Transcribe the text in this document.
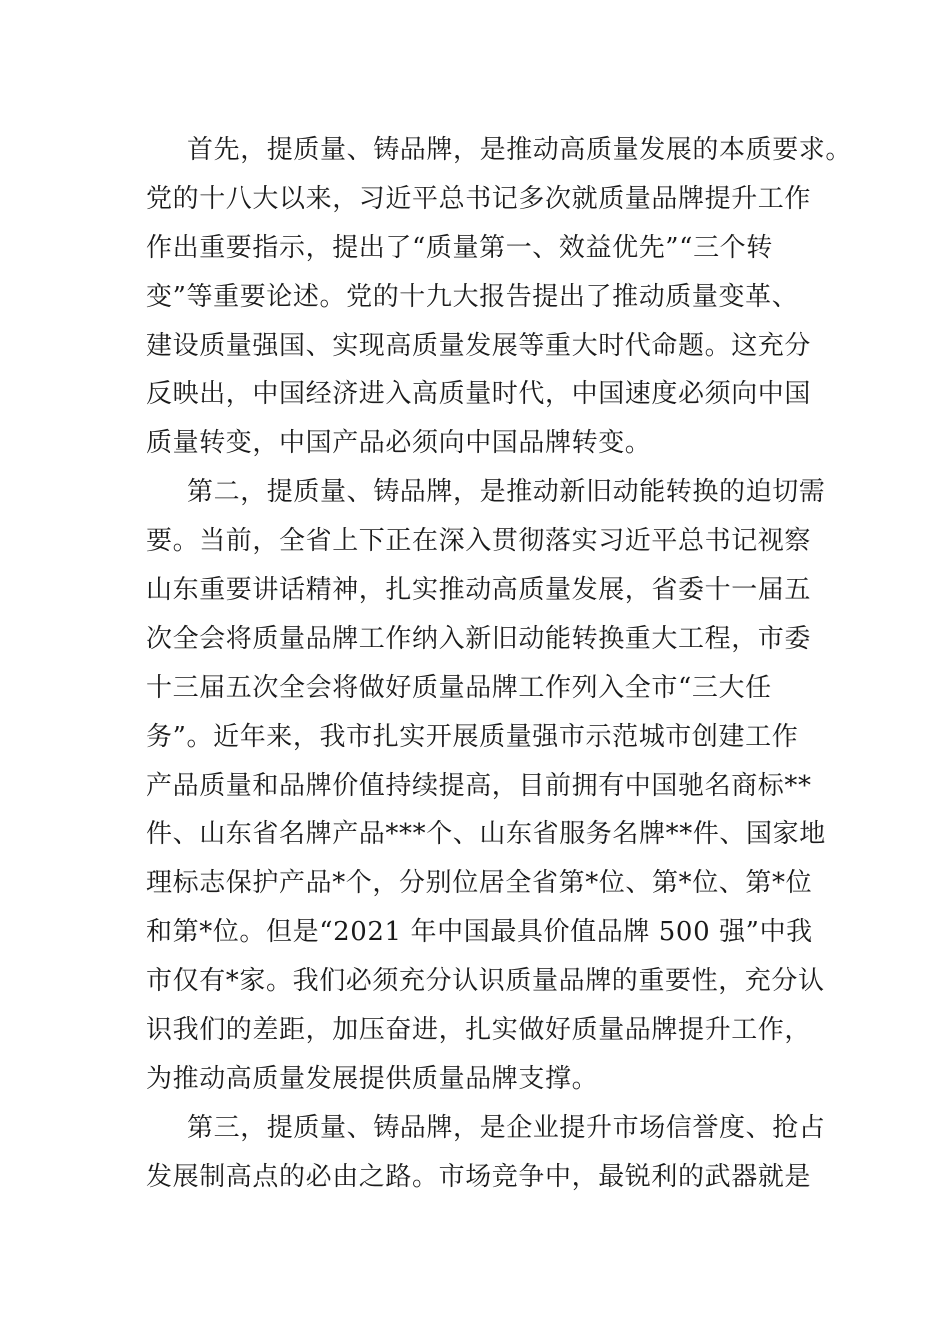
首先，提质量、铸品牌，是推动高质量发展的本质要求。
党的十八大以来，习近平总书记多次就质量品牌提升工作
作出重要指示，提出了“质量第一、效益优先”“三个转
变”等重要论述。党的十九大报告提出了推动质量变革、
建设质量强国、实现高质量发展等重大时代命题。这充分
反映出，中国经济进入高质量时代，中国速度必须向中国
质量转变，中国产品必须向中国品牌转变。
第二，提质量、铸品牌，是推动新旧动能转换的迫切需
要。当前，全省上下正在深入贯彻落实习近平总书记视察
山东重要讲话精神，扎实推动高质量发展，省委十一届五
次全会将质量品牌工作纳入新旧动能转换重大工程，市委
十三届五次全会将做好质量品牌工作列入全市“三大任
务”。近年来，我市扎实开展质量强市示范城市创建工作
产品质量和品牌价值持续提高，目前拥有中国驰名商标**
件、山东省名牌产品***个、山东省服务名牌**件、国家地
理标志保护产品*个，分别位居全省第*位、第*位、第*位
和第*位。但是“2021 年中国最具价值品牌 500 强”中我
市仅有*家。我们必须充分认识质量品牌的重要性，充分认
识我们的差距，加压奋进，扎实做好质量品牌提升工作，
为推动高质量发展提供质量品牌支撑。
第三，提质量、铸品牌，是企业提升市场信誉度、抢占
发展制高点的必由之路。市场竞争中，最锐利的武器就是
